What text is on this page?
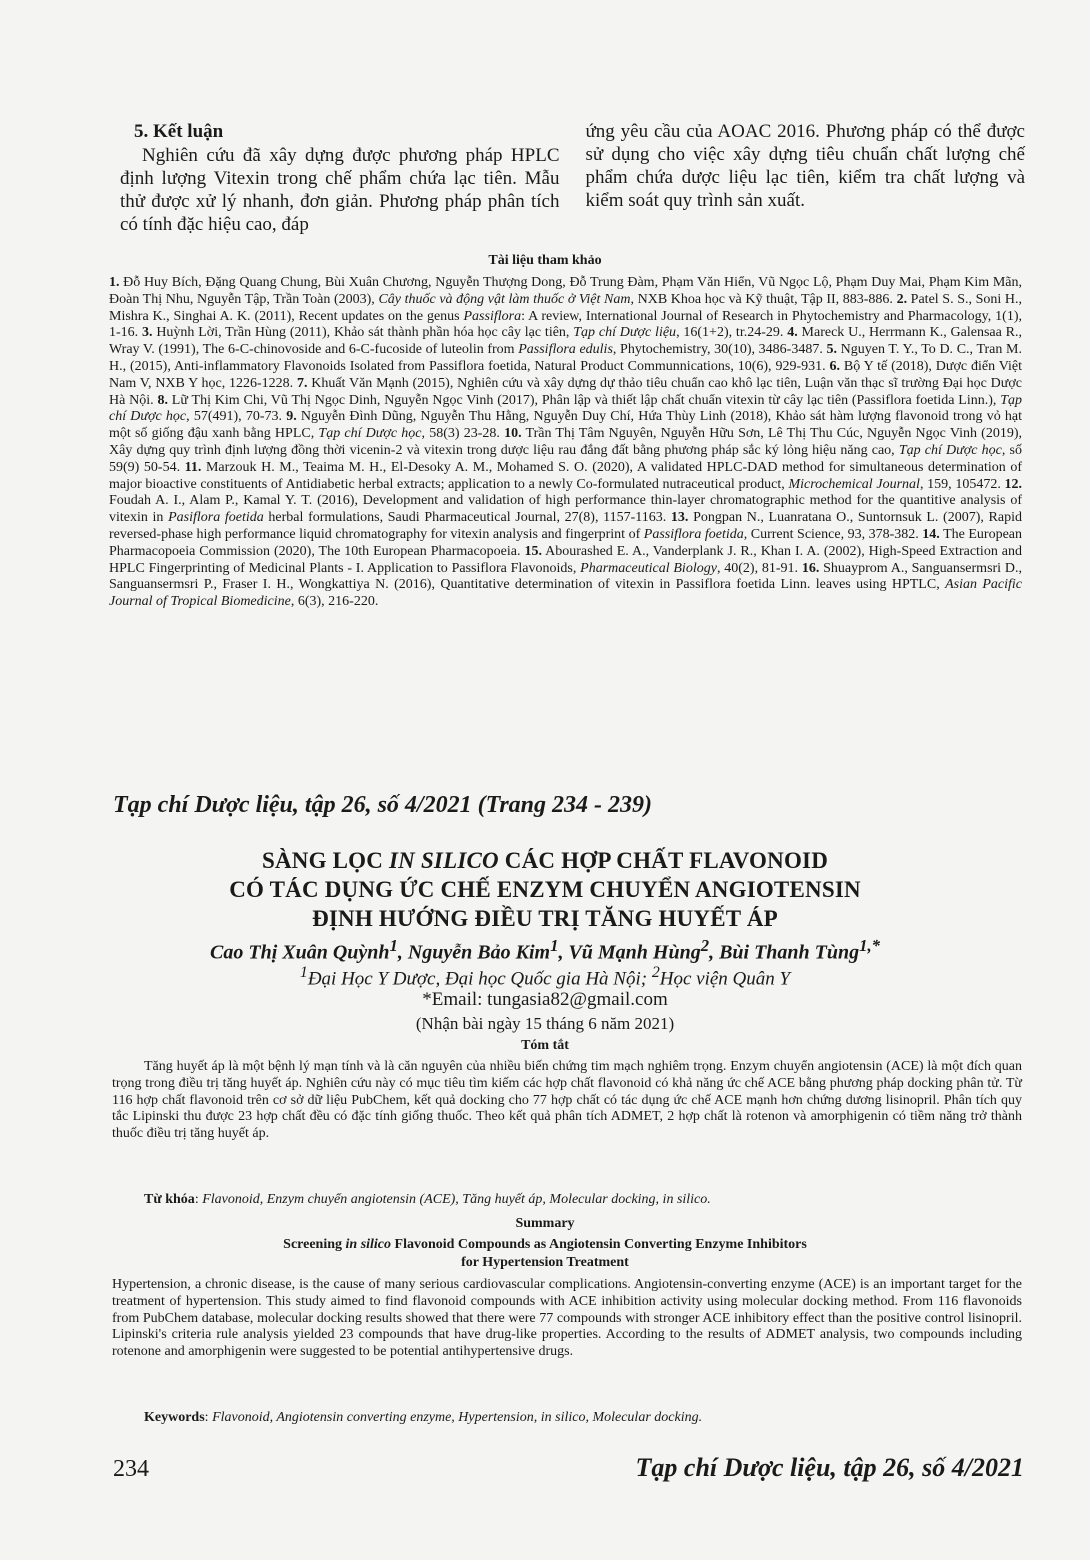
5. Kết luận

Nghiên cứu đã xây dựng được phương pháp HPLC định lượng Vitexin trong chế phẩm chứa lạc tiên. Mẫu thử được xử lý nhanh, đơn giản. Phương pháp phân tích có tính đặc hiệu cao, đáp

ứng yêu cầu của AOAC 2016. Phương pháp có thể được sử dụng cho việc xây dựng tiêu chuẩn chất lượng chế phẩm chứa dược liệu lạc tiên, kiểm tra chất lượng và kiểm soát quy trình sản xuất.

Tài liệu tham khảo
1. Đỗ Huy Bích, Đặng Quang Chung, Bùi Xuân Chương, Nguyễn Thượng Dong, Đỗ Trung Đàm, Phạm Văn Hiển, Vũ Ngọc Lộ, Phạm Duy Mai, Phạm Kim Mãn, Đoàn Thị Nhu, Nguyễn Tập, Trần Toàn (2003), Cây thuốc và động vật làm thuốc ở Việt Nam, NXB Khoa học và Kỹ thuật, Tập II, 883-886. 2. Patel S. S., Soni H., Mishra K., Singhai A. K. (2011), Recent updates on the genus Passiflora: A review, International Journal of Research in Phytochemistry and Pharmacology, 1(1), 1-16. 3. Huỳnh Lời, Trần Hùng (2011), Khảo sát thành phần hóa học cây lạc tiên, Tạp chí Dược liệu, 16(1+2), tr.24-29. 4. Mareck U., Herrmann K., Galensaa R., Wray V. (1991), The 6-C-chinovoside and 6-C-fucoside of luteolin from Passiflora edulis, Phytochemistry, 30(10), 3486-3487. 5. Nguyen T. Y., To D. C., Tran M. H., (2015), Anti-inflammatory Flavonoids Isolated from Passiflora foetida, Natural Product Communnications, 10(6), 929-931. 6. Bộ Y tế (2018), Dược điển Việt Nam V, NXB Y học, 1226-1228. 7. Khuất Văn Mạnh (2015), Nghiên cứu và xây dựng dự thảo tiêu chuẩn cao khô lạc tiên, Luận văn thạc sĩ trường Đại học Dược Hà Nội. 8. Lữ Thị Kim Chi, Vũ Thị Ngọc Dinh, Nguyễn Ngọc Vinh (2017), Phân lập và thiết lập chất chuẩn vitexin từ cây lạc tiên (Passiflora foetida Linn.), Tạp chí Dược học, 57(491), 70-73. 9. Nguyễn Đình Dũng, Nguyễn Thu Hằng, Nguyễn Duy Chí, Hứa Thùy Linh (2018), Khảo sát hàm lượng flavonoid trong vỏ hạt một số giống đậu xanh bằng HPLC, Tạp chí Dược học, 58(3) 23-28. 10. Trần Thị Tâm Nguyên, Nguyễn Hữu Sơn, Lê Thị Thu Cúc, Nguyễn Ngọc Vinh (2019), Xây dựng quy trình định lượng đồng thời vicenin-2 và vitexin trong dược liệu rau đắng đất bằng phương pháp sắc ký lỏng hiệu năng cao, Tạp chí Dược học, số 59(9) 50-54. 11. Marzouk H. M., Teaima M. H., El-Desoky A. M., Mohamed S. O. (2020), A validated HPLC-DAD method for simultaneous determination of major bioactive constituents of Antidiabetic herbal extracts; application to a newly Co-formulated nutraceutical product, Microchemical Journal, 159, 105472. 12. Foudah A. I., Alam P., Kamal Y. T. (2016), Development and validation of high performance thin-layer chromatographic method for the quantitive analysis of vitexin in Pasiflora foetida herbal formulations, Saudi Pharmaceutical Journal, 27(8), 1157-1163. 13. Pongpan N., Luanratana O., Suntornsuk L. (2007), Rapid reversed-phase high performance liquid chromatography for vitexin analysis and fingerprint of Passiflora foetida, Current Science, 93, 378-382. 14. The European Pharmacopoeia Commission (2020), The 10th European Pharmacopoeia. 15. Abourashed E. A., Vanderplank J. R., Khan I. A. (2002), High-Speed Extraction and HPLC Fingerprinting of Medicinal Plants - I. Application to Passiflora Flavonoids, Pharmaceutical Biology, 40(2), 81-91. 16. Shuayprom A., Sanguansermsri D., Sanguansermsri P., Fraser I. H., Wongkattiya N. (2016), Quantitative determination of vitexin in Passiflora foetida Linn. leaves using HPTLC, Asian Pacific Journal of Tropical Biomedicine, 6(3), 216-220.
Tạp chí Dược liệu, tập 26, số 4/2021 (Trang 234 - 239)
SÀNG LỌC IN SILICO CÁC HỢP CHẤT FLAVONOID
CÓ TÁC DỤNG ỨC CHẾ ENZYM CHUYỂN ANGIOTENSIN
ĐỊNH HƯỚNG ĐIỀU TRỊ TĂNG HUYẾT ÁP
Cao Thị Xuân Quỳnh$^1$, Nguyễn Bảo Kim$^1$, Vũ Mạnh Hùng$^2$, Bùi Thanh Tùng$^{1,*}$
$^1$Đại Học Y Dược, Đại học Quốc gia Hà Nội; $^2$Học viện Quân Y
*Email: tungasia82@gmail.com
(Nhận bài ngày 15 tháng 6 năm 2021)
Tóm tắt

Tăng huyết áp là một bệnh lý mạn tính và là căn nguyên của nhiều biến chứng tim mạch nghiêm trọng. Enzym chuyển angiotensin (ACE) là một đích quan trọng trong điều trị tăng huyết áp. Nghiên cứu này có mục tiêu tìm kiếm các hợp chất flavonoid có khả năng ức chế ACE bằng phương pháp docking phân tử. Từ 116 hợp chất flavonoid trên cơ sở dữ liệu PubChem, kết quả docking cho 77 hợp chất có tác dụng ức chế ACE mạnh hơn chứng dương lisinopril. Phân tích quy tắc Lipinski thu được 23 hợp chất đều có đặc tính giống thuốc. Theo kết quả phân tích ADMET, 2 hợp chất là rotenon và amorphigenin có tiềm năng trở thành thuốc điều trị tăng huyết áp.

Từ khóa: Flavonoid, Enzym chuyển angiotensin (ACE), Tăng huyết áp, Molecular docking, in silico.
Summary
Screening in silico Flavonoid Compounds as Angiotensin Converting Enzyme Inhibitors
for Hypertension Treatment

Hypertension, a chronic disease, is the cause of many serious cardiovascular complications. Angiotensin-converting enzyme (ACE) is an important target for the treatment of hypertension. This study aimed to find flavonoid compounds with ACE inhibition activity using molecular docking method. From 116 flavonoids from PubChem database, molecular docking results showed that there were 77 compounds with stronger ACE inhibitory effect than the positive control lisinopril. Lipinski's criteria rule analysis yielded 23 compounds that have drug-like properties. According to the results of ADMET analysis, two compounds including rotenone and amorphigenin were suggested to be potential antihypertensive drugs.

Keywords: Flavonoid, Angiotensin converting enzyme, Hypertension, in silico, Molecular docking.
234	Tạp chí Dược liệu, tập 26, số 4/2021
